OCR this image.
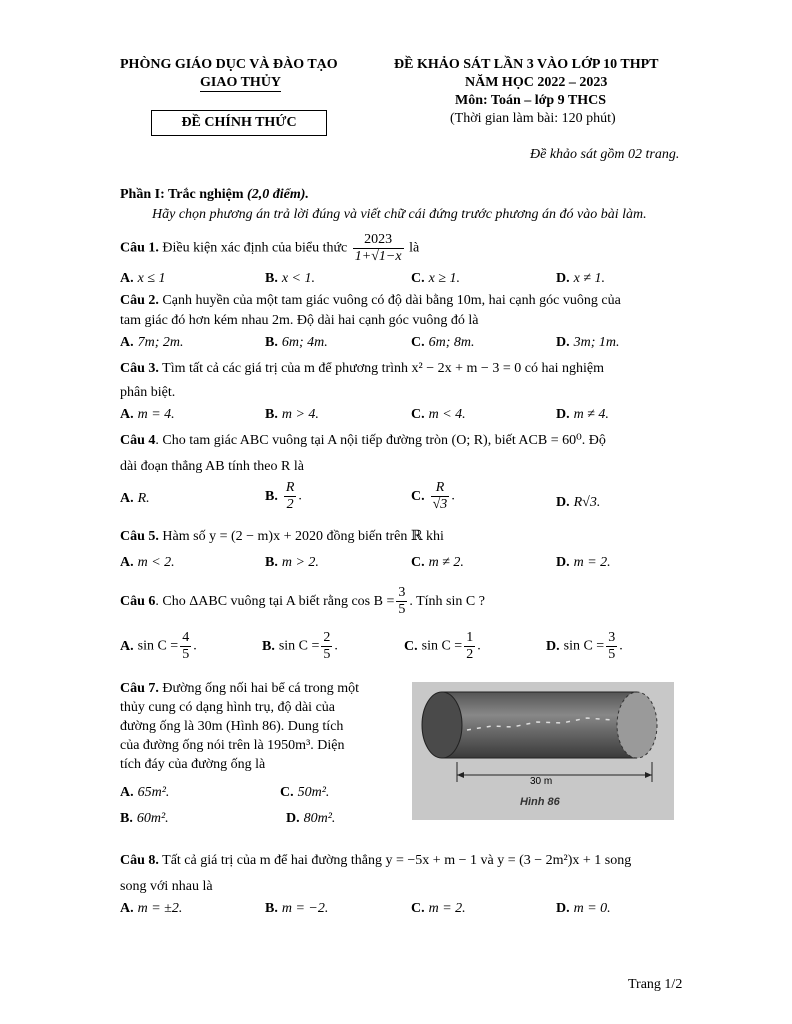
PHÒNG GIÁO DỤC VÀ ĐÀO TẠO
GIAO THỦY
ĐỀ CHÍNH THỨC
ĐỀ KHẢO SÁT LẦN 3 VÀO LỚP 10 THPT
NĂM HỌC 2022 – 2023
Môn: Toán – lớp 9 THCS
(Thời gian làm bài: 120 phút)
Đề khảo sát gồm 02 trang.
Phần I: Trắc nghiệm (2,0 điểm).
Hãy chọn phương án trả lời đúng và viết chữ cái đứng trước phương án đó vào bài làm.
Câu 1. Điều kiện xác định của biểu thức $\frac{2023}{1+√1-x}$ là
A. x ≤ 1	B. x < 1.	C. x ≥ 1.	D. x ≠ 1.
Câu 2. Cạnh huyền của một tam giác vuông có độ dài bằng 10m, hai cạnh góc vuông của
tam giác đó hơn kém nhau 2m. Độ dài hai cạnh góc vuông đó là
A. 7m; 2m.	B. 6m; 4m.	C. 6m; 8m.	D. 3m; 1m.
Câu 3. Tìm tất cả các giá trị của m để phương trình x² − 2x + m − 3 = 0 có hai nghiệm
phân biệt.
A. m = 4.	B. m > 4.	C. m < 4.	D. m ≠ 4.
Câu 4. Cho tam giác ABC vuông tại A nội tiếp đường tròn (O; R), biết ACB = 60⁰. Độ
dài đoạn thẳng AB tính theo R là
A. R.	B. $\frac{R}{2}$ .	C. $\frac{R}{√3}$ .	D. R√3.
Câu 5. Hàm số y = (2 − m)x + 2020 đồng biến trên ℝ khi
A. m < 2.	B. m > 2.	C. m ≠ 2.	D. m = 2.
Câu 6. Cho ΔABC vuông tại A biết rằng $\cos B = \frac{3}{5}$ . Tính sin C ?
A. $\sin C = \frac{4}{5}$ .	B. $\sin C = \frac{2}{5}$ .	C. $\sin C = \frac{1}{2}$ .	D. $\sin C = \frac{3}{5}$ .
Câu 7. Đường ống nối hai bể cá trong một
thủy cung có dạng hình trụ, độ dài của
đường ống là 30m (Hình 86). Dung tích
của đường ống nói trên là 1950m³. Diện
tích đáy của đường ống là
A. 65m².	C. 50m².
B. 60m².	D. 80m².
30 m
Hình 86
Câu 8. Tất cả giá trị của m để hai đường thẳng y = −5x + m − 1 và y = (3 − 2m²)x + 1 song
song với nhau là
A. m = ±2.	B. m = −2.	C. m = 2.	D. m = 0.
Trang 1/2
